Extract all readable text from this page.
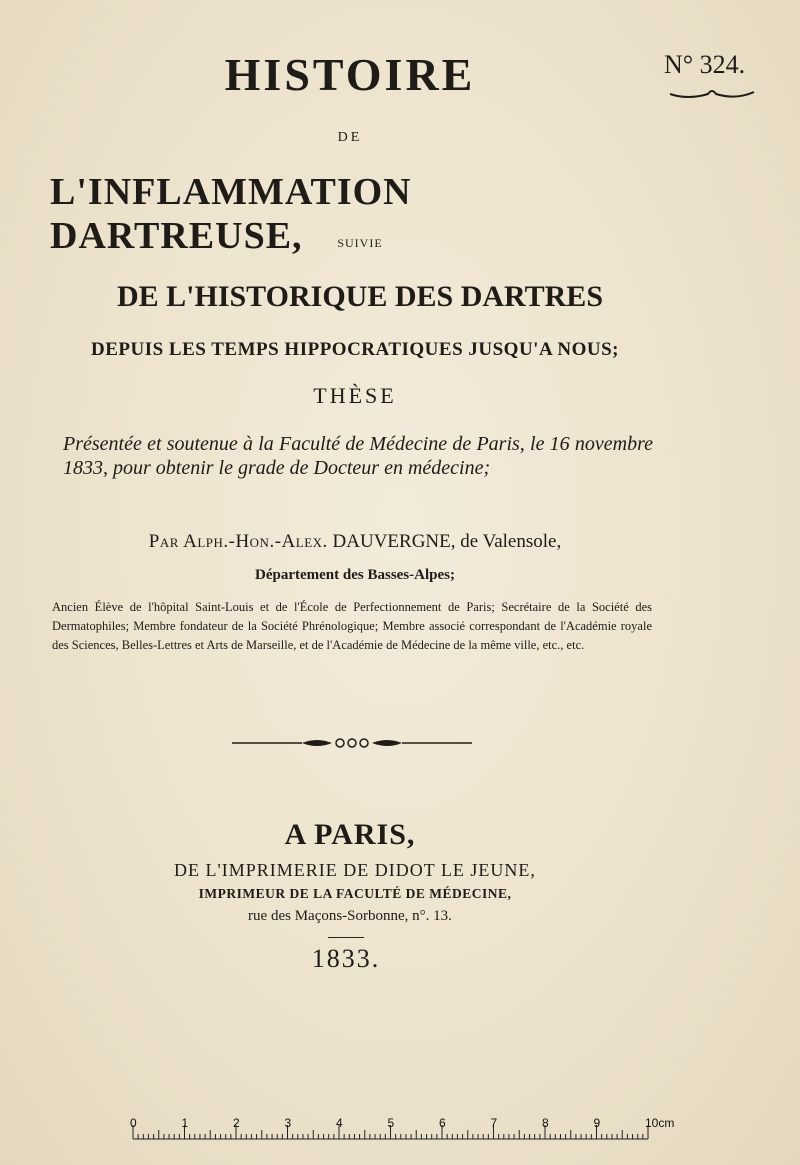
HISTOIRE	N° 324.
DE
L'INFLAMMATION DARTREUSE,	SUIVIE
DE L'HISTORIQUE DES DARTRES
DEPUIS LES TEMPS HIPPOCRATIQUES JUSQU'A NOUS;
THÈSE
Présentée et soutenue à la Faculté de Médecine de Paris, le 16 novembre 1833, pour obtenir le grade de Docteur en médecine;
Par Alph.-Hon.-Alex. DAUVERGNE, de Valensole,
Département des Basses-Alpes;
Ancien Élève de l'hôpital Saint-Louis et de l'École de Perfectionnement de Paris; Secrétaire de la Société des Dermatophiles; Membre fondateur de la Société Phrénologique; Membre associé correspondant de l'Académie royale des Sciences, Belles-Lettres et Arts de Marseille, et de l'Académie de Médecine de la même ville, etc., etc.
A PARIS,
DE L'IMPRIMERIE DE DIDOT LE JEUNE,
IMPRIMEUR DE LA FACULTÉ DE MÉDECINE,
rue des Maçons-Sorbonne, n°. 13.
1833.
0	1	2	3	4	5	6	7	8	9	10cm
